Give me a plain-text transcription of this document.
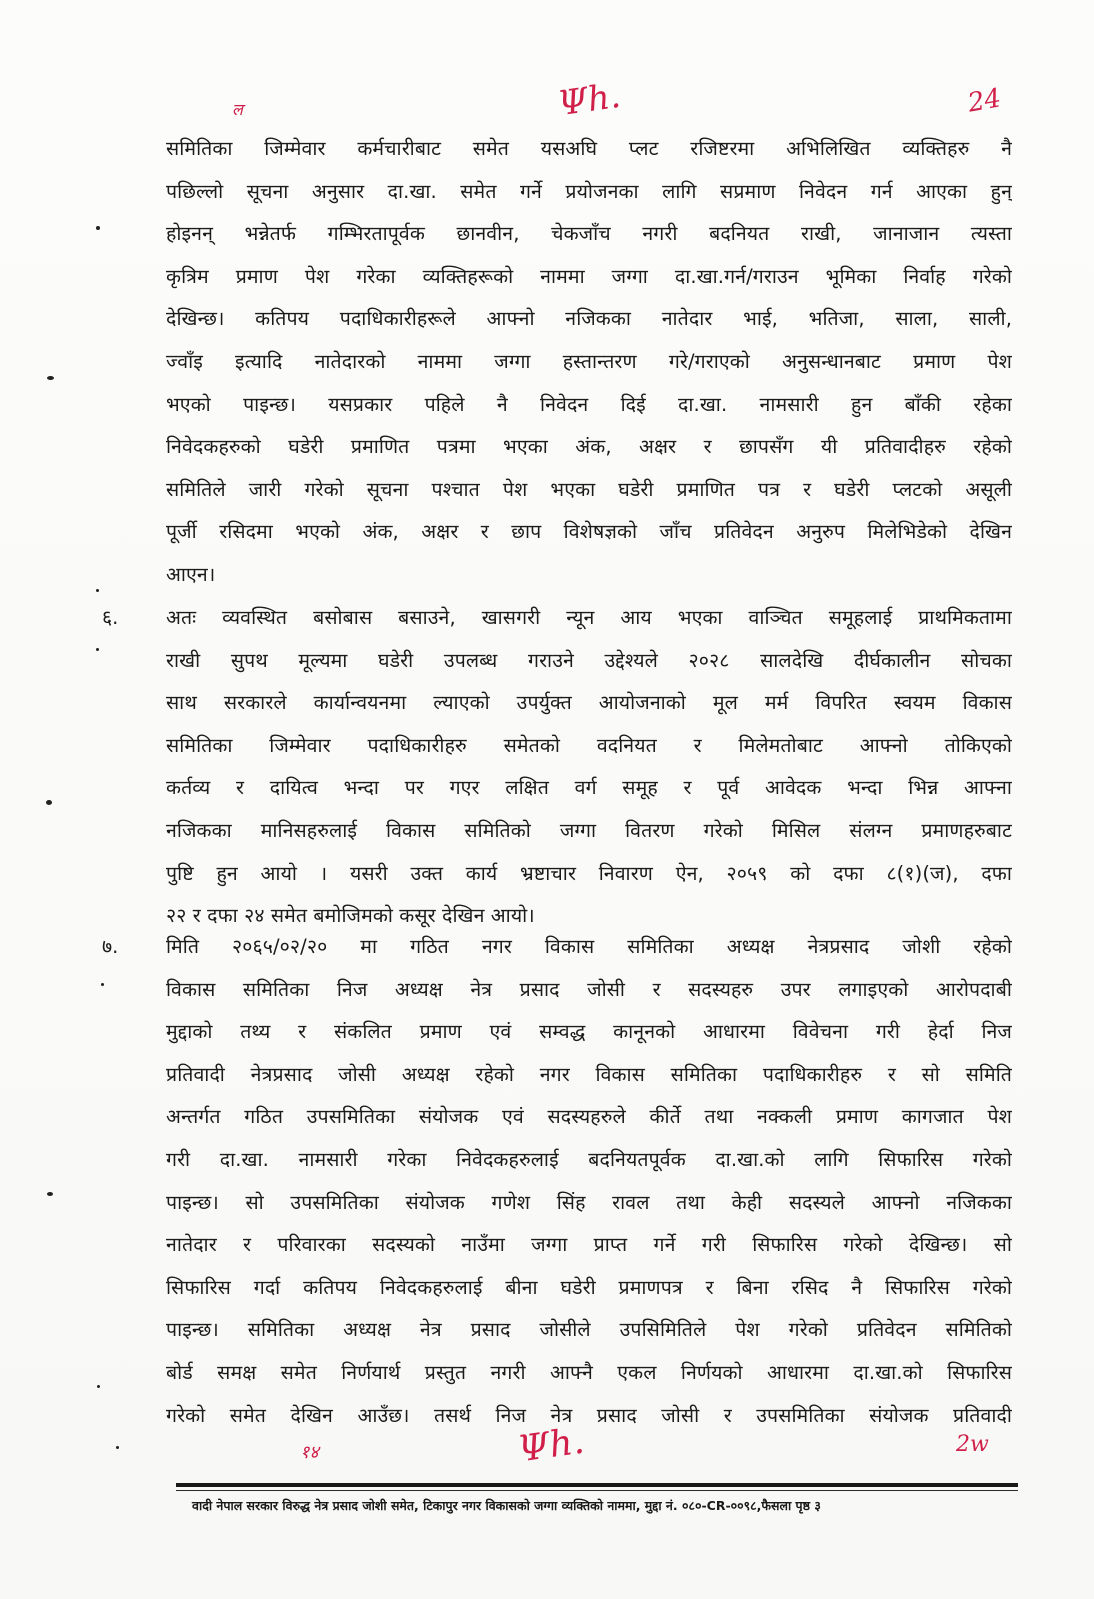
ल	Ψh.	24
समितिका जिम्मेवार कर्मचारीबाट समेत यसअघि प्लट रजिष्टरमा अभिलिखित व्यक्तिहरु नै
पछिल्लो सूचना अनुसार दा.खा. समेत गर्ने प्रयोजनका लागि सप्रमाण निवेदन गर्न आएका हुन्
होइनन् भन्नेतर्फ गम्भिरतापूर्वक छानवीन, चेकजाँच नगरी बदनियत राखी, जानाजान त्यस्ता
कृत्रिम प्रमाण पेश गरेका व्यक्तिहरूको नाममा जग्गा दा.खा.गर्न/गराउन भूमिका निर्वाह गरेको
देखिन्छ। कतिपय पदाधिकारीहरूले आफ्नो नजिकका नातेदार भाई, भतिजा, साला, साली,
ज्वाँइ इत्यादि नातेदारको नाममा जग्गा हस्तान्तरण गरे/गराएको अनुसन्धानबाट प्रमाण पेश
भएको पाइन्छ। यसप्रकार पहिले नै निवेदन दिई दा.खा. नामसारी हुन बाँकी रहेका
निवेदकहरुको घडेरी प्रमाणित पत्रमा भएका अंक, अक्षर र छापसँग यी प्रतिवादीहरु रहेको
समितिले जारी गरेको सूचना पश्चात पेश भएका घडेरी प्रमाणित पत्र र घडेरी प्लटको असूली
पूर्जी रसिदमा भएको अंक, अक्षर र छाप विशेषज्ञको जाँच प्रतिवेदन अनुरुप मिलेभिडेको देखिन
आएन।
६. अतः व्यवस्थित बसोबास बसाउने, खासगरी न्यून आय भएका वाञ्चित समूहलाई प्राथमिकतामा
राखी सुपथ मूल्यमा घडेरी उपलब्ध गराउने उद्देश्यले २०२८ सालदेखि दीर्घकालीन सोचका
साथ सरकारले कार्यान्वयनमा ल्याएको उपर्युक्त आयोजनाको मूल मर्म विपरित स्वयम विकास
समितिका जिम्मेवार पदाधिकारीहरु समेतको वदनियत र मिलेमतोबाट आफ्नो तोकिएको
कर्तव्य र दायित्व भन्दा पर गएर लक्षित वर्ग समूह र पूर्व आवेदक भन्दा भिन्न आफ्ना
नजिकका मानिसहरुलाई विकास समितिको जग्गा वितरण गरेको मिसिल संलग्न प्रमाणहरुबाट
पुष्टि हुन आयो । यसरी उक्त कार्य भ्रष्टाचार निवारण ऐन, २०५९ को दफा ८(१)(ज), दफा
२२ र दफा २४ समेत बमोजिमको कसूर देखिन आयो।
७. मिति २०६५/०२/२० मा गठित नगर विकास समितिका अध्यक्ष नेत्रप्रसाद जोशी रहेको
विकास समितिका निज अध्यक्ष नेत्र प्रसाद जोसी र सदस्यहरु उपर लगाइएको आरोपदाबी
मुद्दाको तथ्य र संकलित प्रमाण एवं सम्वद्ध कानूनको आधारमा विवेचना गरी हेर्दा निज
प्रतिवादी नेत्रप्रसाद जोसी अध्यक्ष रहेको नगर विकास समितिका पदाधिकारीहरु र सो समिति
अन्तर्गत गठित उपसमितिका संयोजक एवं सदस्यहरुले कीर्ते तथा नक्कली प्रमाण कागजात पेश
गरी दा.खा. नामसारी गरेका निवेदकहरुलाई बदनियतपूर्वक दा.खा.को लागि सिफारिस गरेको
पाइन्छ। सो उपसमितिका संयोजक गणेश सिंह रावल तथा केही सदस्यले आफ्नो नजिकका
नातेदार र परिवारका सदस्यको नाउँमा जग्गा प्राप्त गर्ने गरी सिफारिस गरेको देखिन्छ। सो
सिफारिस गर्दा कतिपय निवेदकहरुलाई बीना घडेरी प्रमाणपत्र र बिना रसिद नै सिफारिस गरेको
पाइन्छ। समितिका अध्यक्ष नेत्र प्रसाद जोसीले उपसिमितिले पेश गरेको प्रतिवेदन समितिको
बोर्ड समक्ष समेत निर्णयार्थ प्रस्तुत नगरी आफ्नै एकल निर्णयको आधारमा दा.खा.को सिफारिस
गरेको समेत देखिन आउँछ। तसर्थ निज नेत्र प्रसाद जोसी र उपसमितिका संयोजक प्रतिवादी
१४	Ψh.	2w
वादी नेपाल सरकार विरुद्ध नेत्र प्रसाद जोशी समेत, टिकापुर नगर विकासको जग्गा व्यक्तिको नाममा, मुद्दा नं. ०८०-CR-००९८,फैसला पृष्ठ ३
